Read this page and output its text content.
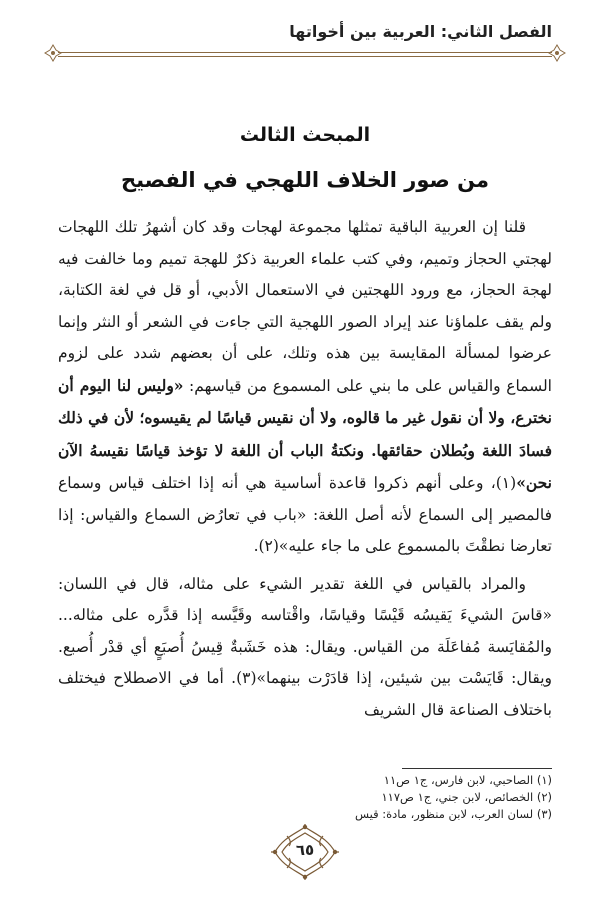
الفصل الثاني: العربية بين أخواتها
المبحث الثالث
من صور الخلاف اللهجي في الفصيح

قلنا إن العربية الباقية تمثلها مجموعة لهجات وقد كان أشهرُ تلك اللهجات لهجتي الحجاز وتميم، وفي كتب علماء العربية ذكرٌ للهجة تميم وما خالفت فيه لهجة الحجاز، مع ورود اللهجتين في الاستعمال الأدبي، أو قل في لغة الكتابة، ولم يقف علماؤنا عند إيراد الصور اللهجية التي جاءت في الشعر أو النثر وإنما عرضوا لمسألة المقايسة بين هذه وتلك، على أن بعضهم شدد على لزوم السماع والقياس على ما بني على المسموع من قياسهم: «وليس لنا اليوم أن نخترع، ولا أن نقول غير ما قالوه، ولا أن نقيس قياسًا لم يقيسوه؛ لأن في ذلك فسادَ اللغة وبُطلان حقائقها. ونكتةُ الباب أن اللغة لا تؤخذ قياسًا نقيسهُ الآن نحن»(١)، وعلى أنهم ذكروا قاعدة أساسية هي أنه إذا اختلف قياس وسماع فالمصير إلى السماع لأنه أصل اللغة: «باب في تعارُض السماع والقياس: إذا تعارضا نطقْتَ بالمسموع على ما جاء عليه»(٢).

والمراد بالقياس في اللغة تقدير الشيء على مثاله، قال في اللسان: «قاسَ الشيءَ يَقيسُه قَيْسًا وقياسًا، واقْتاسه وقَيَّسه إذا قدَّره على مثاله... والمُقايَسة مُفاعَلَة من القياس. ويقال: هذه خَشَبةٌ قِيسُ أُصبَعٍ أي قدْر أُصبع. ويقال: قَايَسْت بين شيئين، إذا قادَرْت بينهما»(٣). أما في الاصطلاح فيختلف باختلاف الصناعة قال الشريف

(١) الصاحبي، لابن فارس، ج١ ص١١
(٢) الخصائص، لابن جني، ج١ ص١١٧
(٣) لسان العرب، لابن منظور، مادة: قيس
٦٥
